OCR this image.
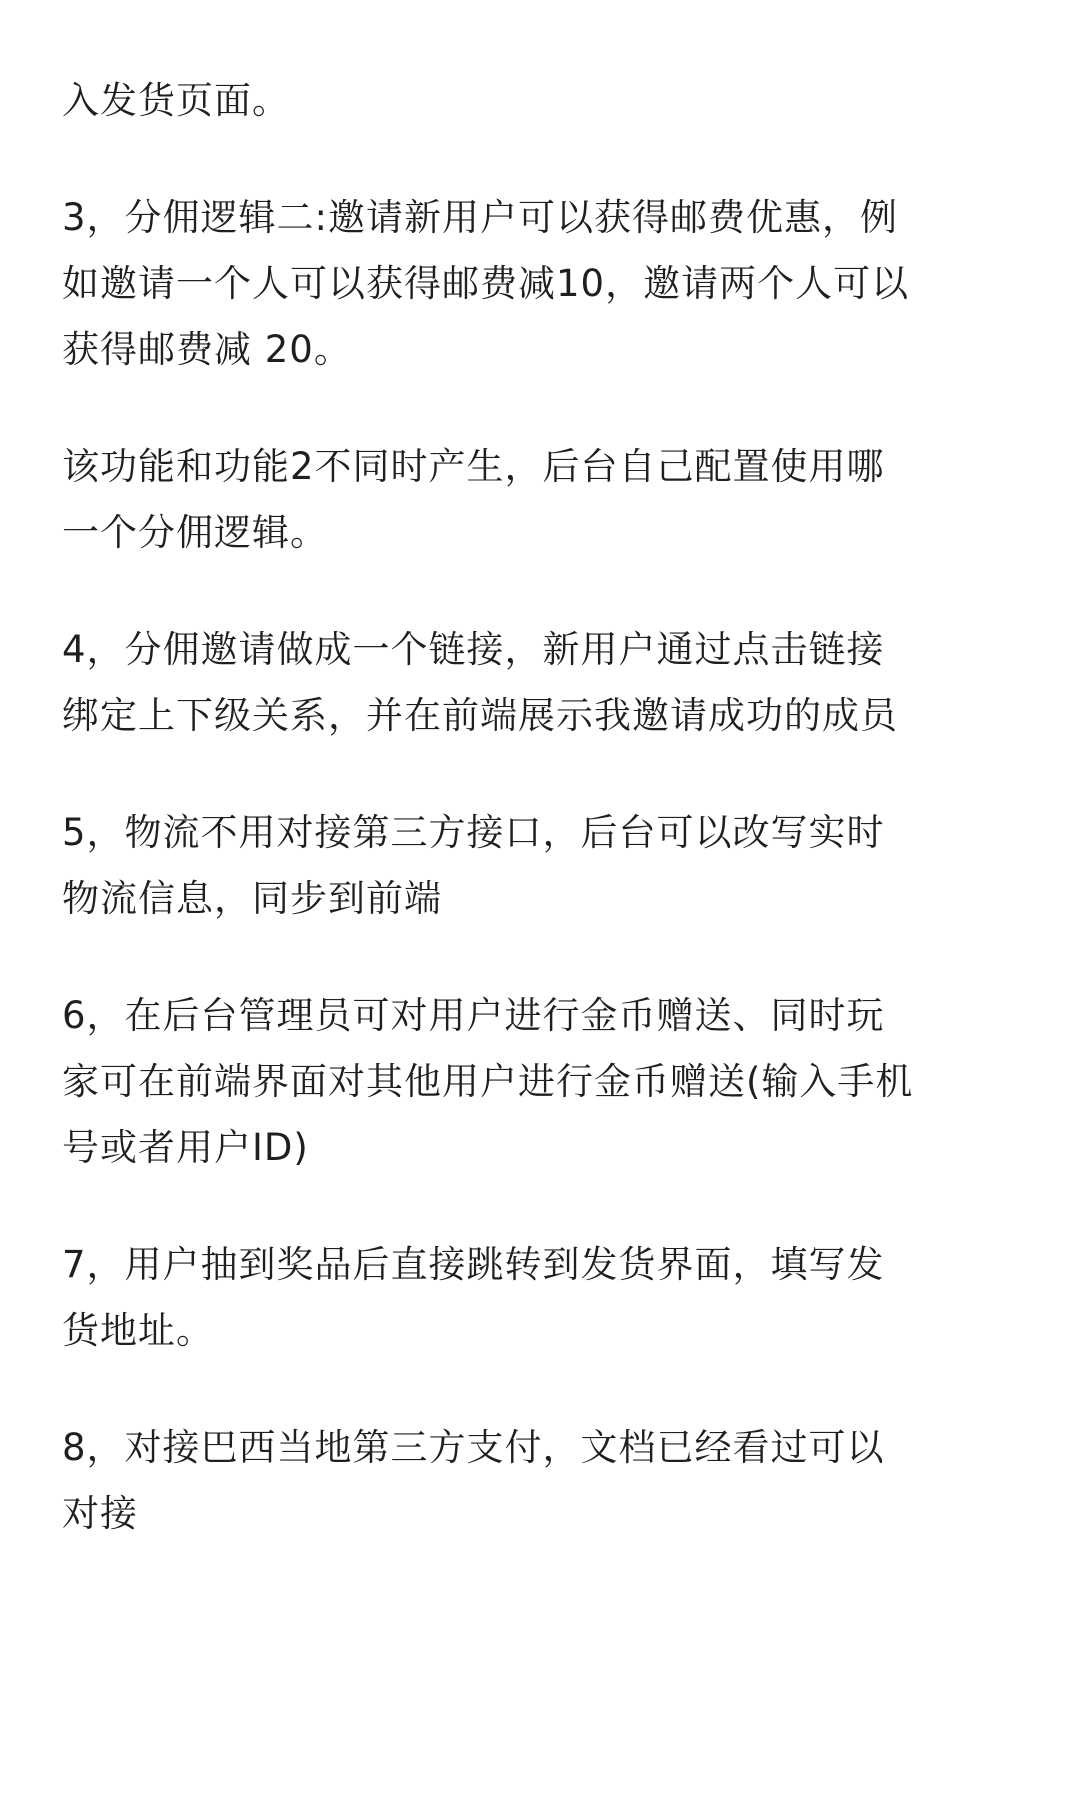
入发货页面。

3，分佣逻辑二:邀请新用户可以获得邮费优惠，例
如邀请一个人可以获得邮费减10，邀请两个人可以
获得邮费减 20。

该功能和功能2不同时产生，后台自己配置使用哪
一个分佣逻辑。

4，分佣邀请做成一个链接，新用户通过点击链接
绑定上下级关系，并在前端展示我邀请成功的成员

5，物流不用对接第三方接口，后台可以改写实时
物流信息，同步到前端

6，在后台管理员可对用户进行金币赠送、同时玩
家可在前端界面对其他用户进行金币赠送(输入手机
号或者用户ID)

7，用户抽到奖品后直接跳转到发货界面，填写发
货地址。

8，对接巴西当地第三方支付，文档已经看过可以
对接
